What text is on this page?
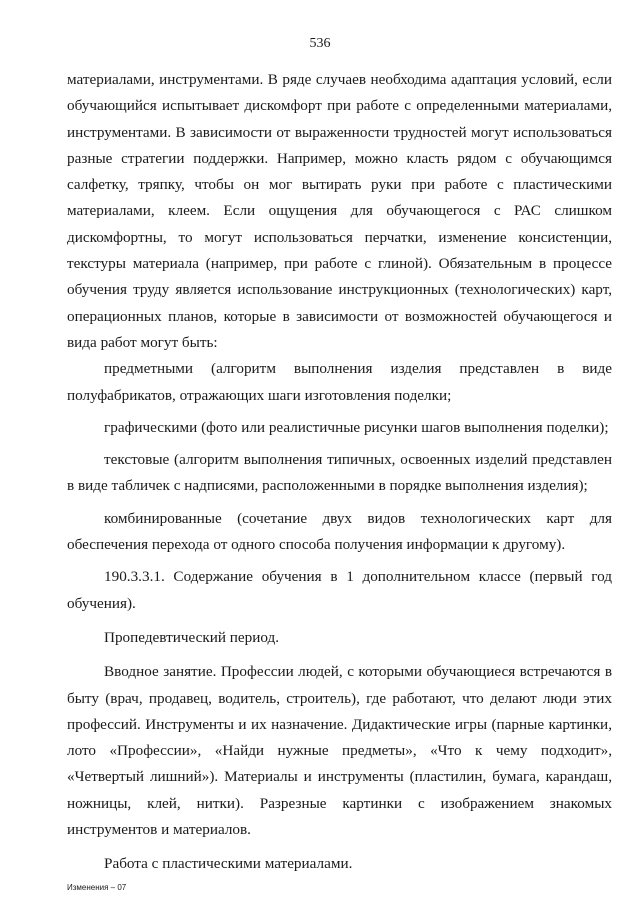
536

материалами, инструментами. В ряде случаев необходима адаптация условий, если обучающийся испытывает дискомфорт при работе с определенными материалами, инструментами. В зависимости от выраженности трудностей могут использоваться разные стратегии поддержки. Например, можно класть рядом с обучающимся салфетку, тряпку, чтобы он мог вытирать руки при работе с пластическими материалами, клеем. Если ощущения для обучающегося с РАС слишком дискомфортны, то могут использоваться перчатки, изменение консистенции, текстуры материала (например, при работе с глиной). Обязательным в процессе обучения труду является использование инструкционных (технологических) карт, операционных планов, которые в зависимости от возможностей обучающегося и вида работ могут быть:

предметными (алгоритм выполнения изделия представлен в виде полуфабрикатов, отражающих шаги изготовления поделки;

графическими (фото или реалистичные рисунки шагов выполнения поделки);

текстовые (алгоритм выполнения типичных, освоенных изделий представлен в виде табличек с надписями, расположенными в порядке выполнения изделия);

комбинированные (сочетание двух видов технологических карт для обеспечения перехода от одного способа получения информации к другому).

190.3.3.1. Содержание обучения в 1 дополнительном классе (первый год обучения).

Пропедевтический период.

Вводное занятие. Профессии людей, с которыми обучающиеся встречаются в быту (врач, продавец, водитель, строитель), где работают, что делают люди этих профессий. Инструменты и их назначение. Дидактические игры (парные картинки, лото «Профессии», «Найди нужные предметы», «Что к чему подходит», «Четвертый лишний»). Материалы и инструменты (пластилин, бумага, карандаш, ножницы, клей, нитки). Разрезные картинки с изображением знакомых инструментов и материалов.

Работа с пластическими материалами.

Изменения – 07
